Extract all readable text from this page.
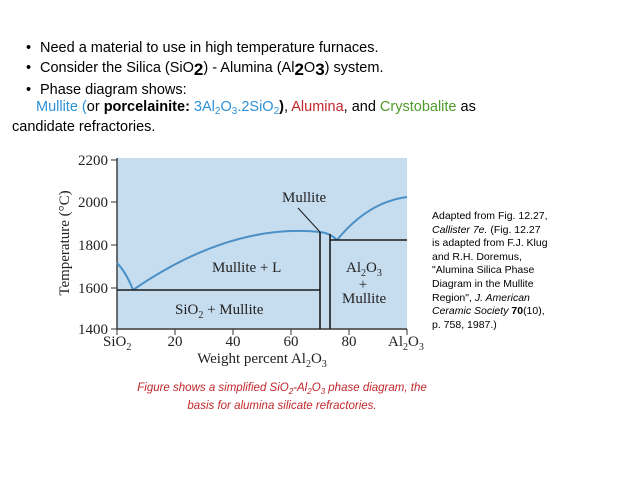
• Need a material to use in high temperature furnaces.
• Consider the Silica (SiO2) - Alumina (Al2O3) system.
• Phase diagram shows:
Mullite (or porcelainite: $3Al_2O_3.2SiO_2$), Alumina, and Crystobalite as
candidate refractories.
2200
2000
1800
1600
1400
SiO$_2$ 20	40	60	80 $Al_2O_3$
Temperature (°C)
Weight percent $Al_2O_3$
Mullite
Mullite + L	$Al_2O_3$
+
Mullite
SiO$_2$ + Mullite
Adapted from Fig. 12.27,
Callister 7e. (Fig. 12.27
is adapted from F.J. Klug
and R.H. Doremus,
"Alumina Silica Phase
Diagram in the Mullite
Region", J. American
Ceramic Society 70(10),
p. 758, 1987.)
Figure shows a simplified $SiO_2-Al_2O_3$ phase diagram, the
basis for alumina silicate refractories.
